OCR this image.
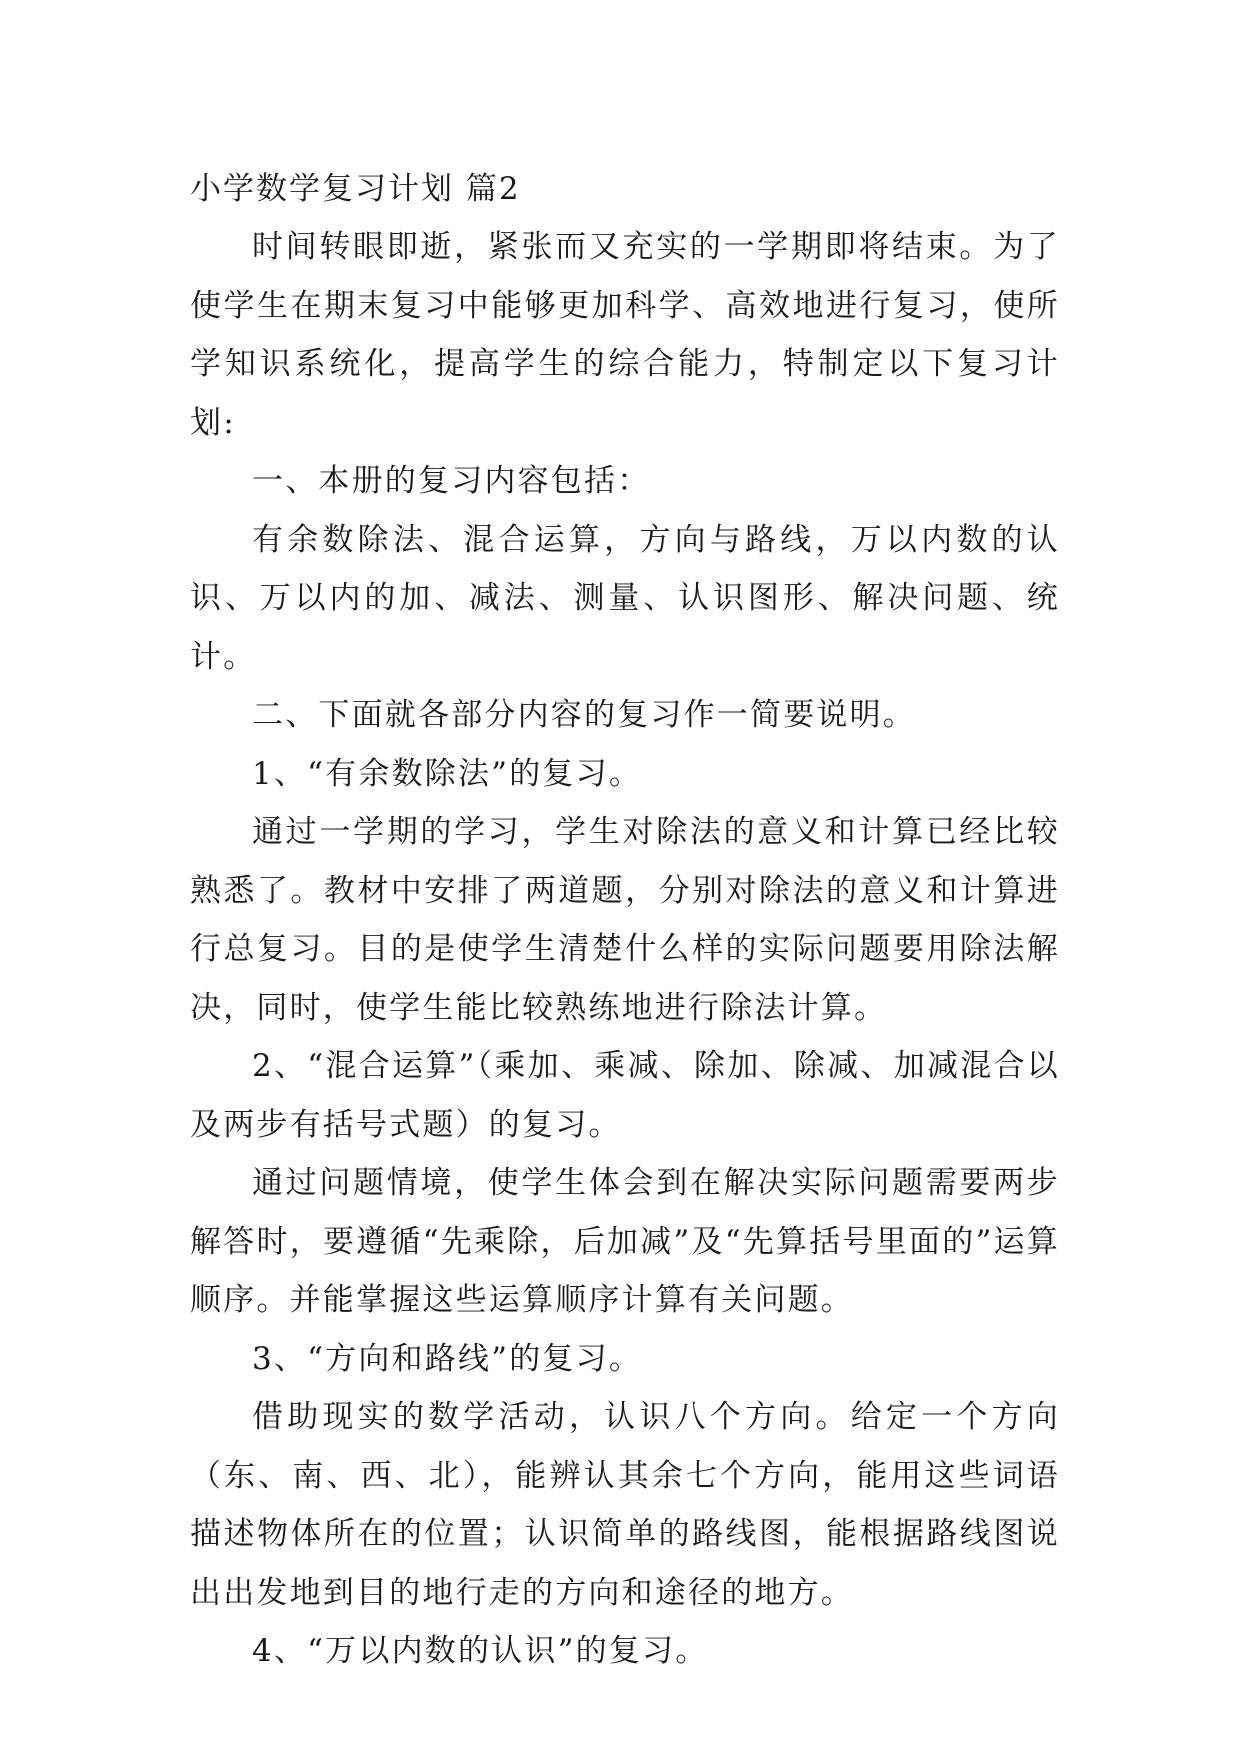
小学数学复习计划 篇2

时间转眼即逝，紧张而又充实的一学期即将结束。为了使学生在期末复习中能够更加科学、高效地进行复习，使所学知识系统化，提高学生的综合能力，特制定以下复习计划:

一、本册的复习内容包括：

有余数除法、混合运算，方向与路线，万以内数的认识、万以内的加、减法、测量、认识图形、解决问题、统计。

二、下面就各部分内容的复习作一简要说明。

1、“有余数除法”的复习。

通过一学期的学习，学生对除法的意义和计算已经比较熟悉了。教材中安排了两道题，分别对除法的意义和计算进行总复习。目的是使学生清楚什么样的实际问题要用除法解决，同时，使学生能比较熟练地进行除法计算。

2、“混合运算”（乘加、乘减、除加、除减、加减混合以及两步有括号式题）的复习。

通过问题情境，使学生体会到在解决实际问题需要两步解答时，要遵循“先乘除，后加减”及“先算括号里面的”运算顺序。并能掌握这些运算顺序计算有关问题。

3、“方向和路线”的复习。

借助现实的数学活动，认识八个方向。给定一个方向（东、南、西、北），能辨认其余七个方向，能用这些词语描述物体所在的位置；认识简单的路线图，能根据路线图说出出发地到目的地行走的方向和途径的地方。

4、“万以内数的认识”的复习。
